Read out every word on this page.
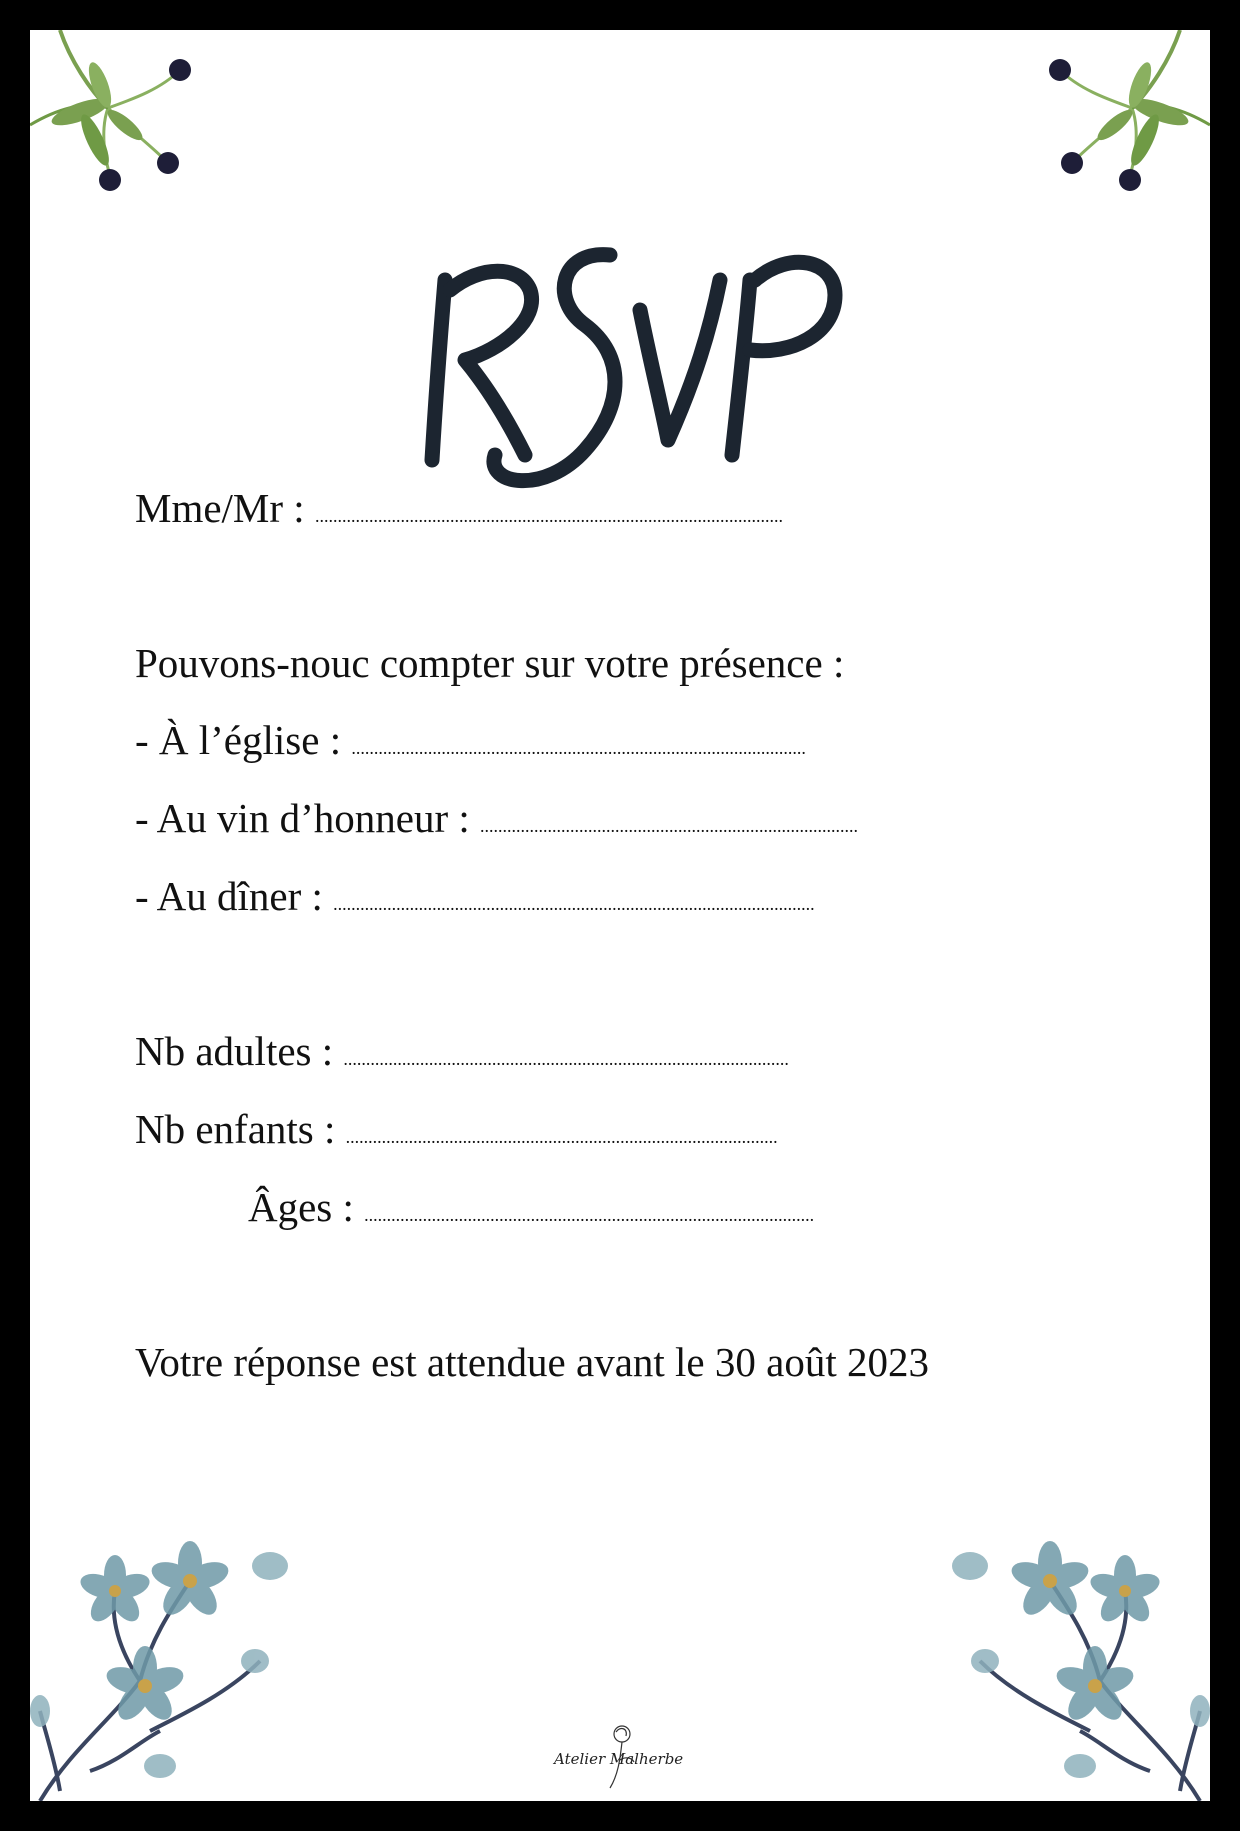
Mme/Mr : ........................................................................................................
Pouvons-nouc compter sur votre présence :
- À l’église : .....................................................................................................
- Au vin d’honneur : ....................................................................................
- Au dîner : ...........................................................................................................
Nb adultes : ...................................................................................................
Nb enfants : ................................................................................................
Âges : ....................................................................................................
Votre réponse est attendue avant le 30 août 2023
Atelier Malherbe
